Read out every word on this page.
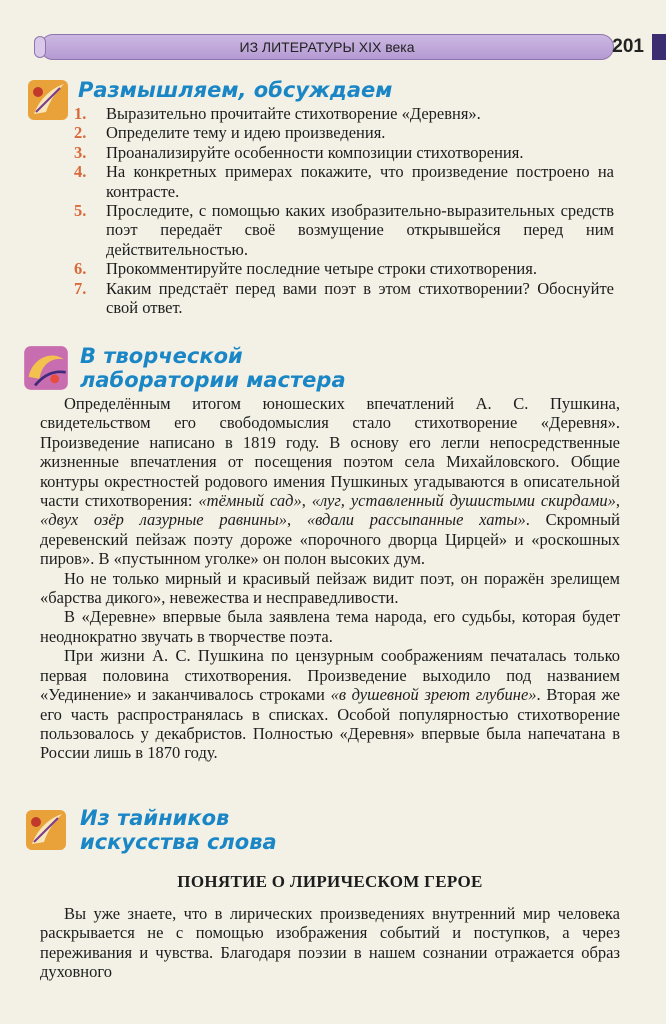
ИЗ ЛИТЕРАТУРЫ XIX века	201
Размышляем, обсуждаем
1.	Выразительно прочитайте стихотворение «Деревня».
2.	Определите тему и идею произведения.
3.	Проанализируйте особенности композиции стихотворения.
4.	На конкретных примерах покажите, что произведение построено на контрасте.
5.	Проследите, с помощью каких изобразительно-выразительных средств поэт передаёт своё возмущение открывшейся перед ним действительностью.
6.	Прокомментируйте последние четыре строки стихотворения.
7.	Каким предстаёт перед вами поэт в этом стихотворении? Обоснуйте свой ответ.
В творческой
лаборатории мастера

Определённым итогом юношеских впечатлений А. С. Пушкина, свидетельством его свободомыслия стало стихотворение «Деревня». Произведение написано в 1819 году. В основу его легли непосредственные жизненные впечатления от посещения поэтом села Михайловского. Общие контуры окрестностей родового имения Пушкиных угадываются в описательной части стихотворения: «тёмный сад», «луг, уставленный душистыми скирдами», «двух озёр лазурные равнины», «вдали рассыпанные хаты». Скромный деревенский пейзаж поэту дороже «порочного дворца Цирцей» и «роскошных пиров». В «пустынном уголке» он полон высоких дум.

Но не только мирный и красивый пейзаж видит поэт, он поражён зрелищем «барства дикого», невежества и несправедливости.

В «Деревне» впервые была заявлена тема народа, его судьбы, которая будет неоднократно звучать в творчестве поэта.

При жизни А. С. Пушкина по цензурным соображениям печаталась только первая половина стихотворения. Произведение выходило под названием «Уединение» и заканчивалось строками «в душевной зреют глубине». Вторая же его часть распространялась в списках. Особой популярностью стихотворение пользовалось у декабристов. Полностью «Деревня» впервые была напечатана в России лишь в 1870 году.

Из тайников
искусства слова
ПОНЯТИЕ О ЛИРИЧЕСКОМ ГЕРОЕ

Вы уже знаете, что в лирических произведениях внутренний мир человека раскрывается не с помощью изображения событий и поступков, а через переживания и чувства. Благодаря поэзии в нашем сознании отражается образ духовного
